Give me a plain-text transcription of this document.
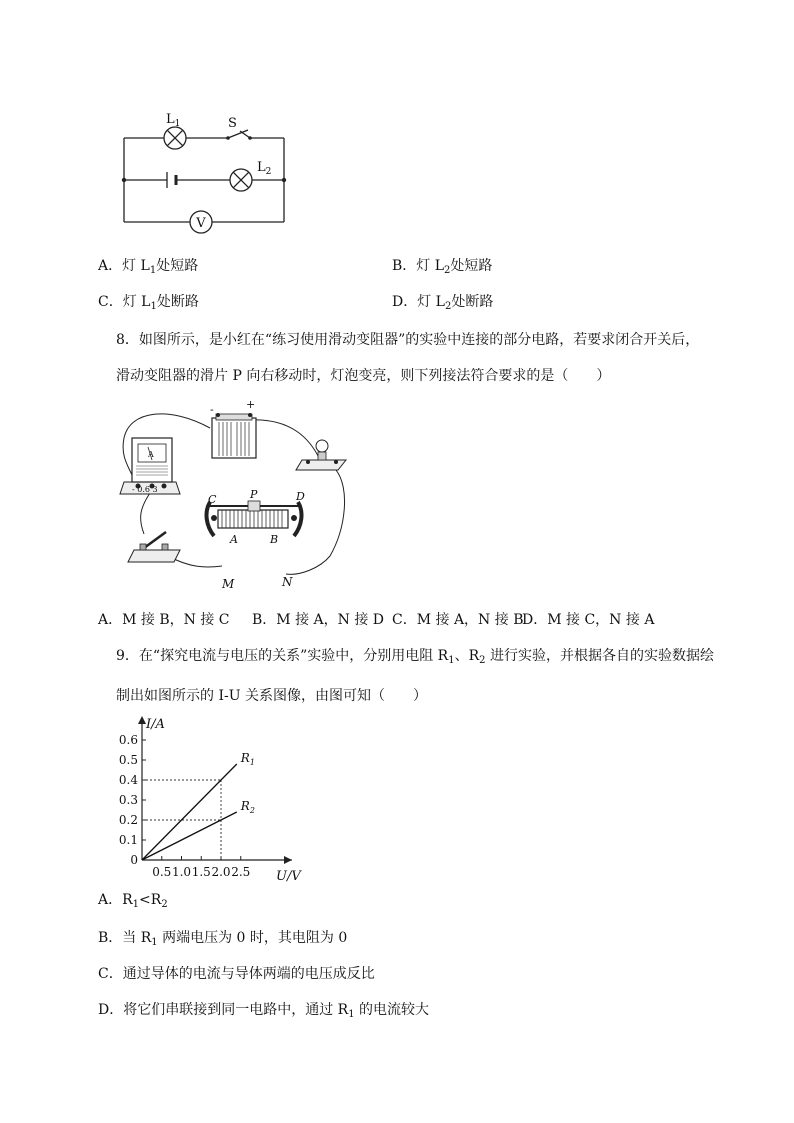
V
$L_1$	S
$L_2$
A．灯 $L_1$处短路	B．灯 $L_2$处短路
C．灯 $L_1$处断路	D．灯 $L_2$处断路
8．如图所示，是小红在“练习使用滑动变阻器”的实验中连接的部分电路，若要求闭合开关后，
滑动变阻器的滑片 P 向右移动时，灯泡变亮，则下列接法符合要求的是（　　）
-	+
A
- 0.6 3
C	P	D
A	B
M	N
A．M 接 B，N 接 C B．M 接 A，N 接 D C．M 接 A，N 接 B
D．M 接 C，N 接 A
9．在“探究电流与电压的关系”实验中，分别用电阻 $R_1$、$R_2$ 进行实验，并根据各自的实验数据绘
制出如图所示的 I-U 关系图像，由图可知（　　）
0.6
0.5
0.4
0.3
0.2
0.1
0
0.5 1.0 1.5 2.0 2.5
I/A
U/V
$R_1$
$R_2$
A．$R_1<R_2$
B．当 $R_1$ 两端电压为 0 时，其电阻为 0
C．通过导体的电流与导体两端的电压成反比
D．将它们串联接到同一电路中，通过 $R_1$ 的电流较大
